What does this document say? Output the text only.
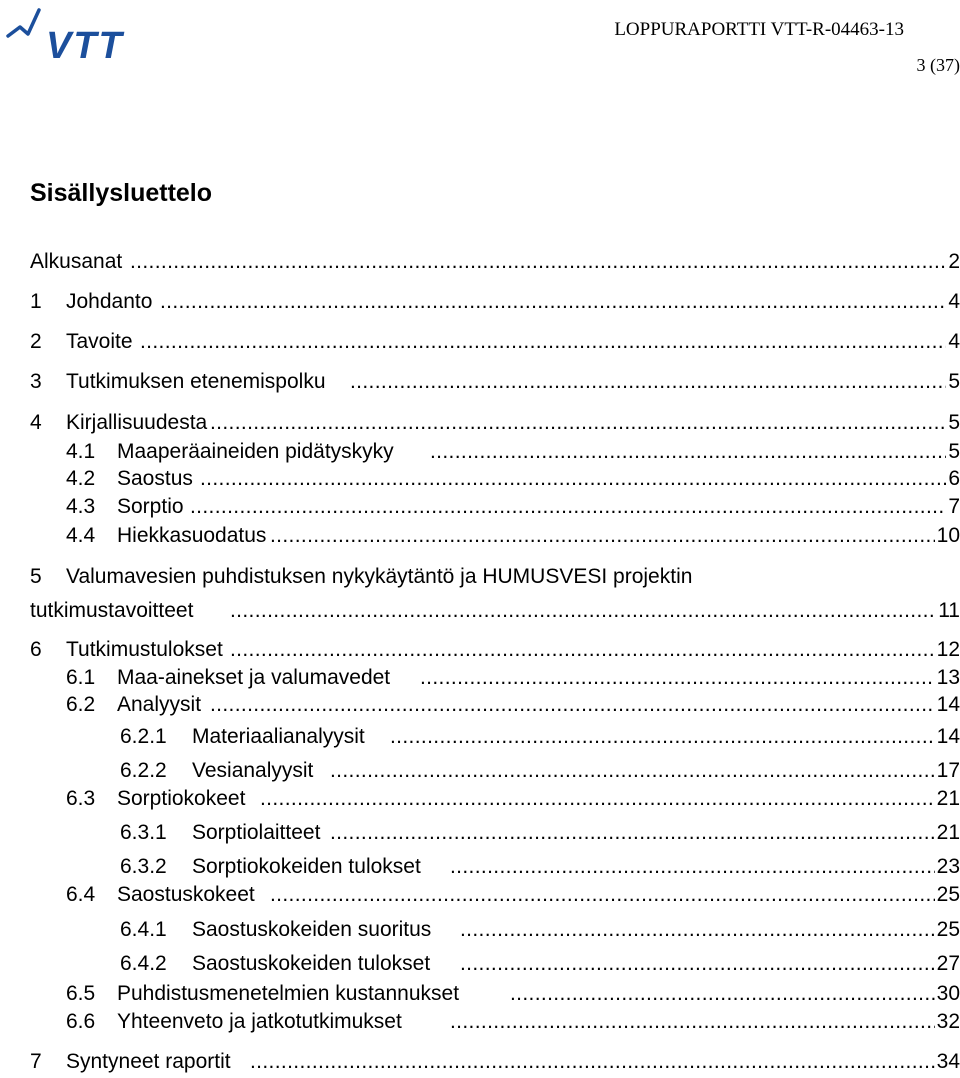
VTT	LOPPURAPORTTI VTT-R-04463-13
3 (37)
Sisällysluettelo
Alkusanat .....	2
1 Johdanto .....	4
2 Tavoite .....	4
3 Tutkimuksen etenemispolku .....	5
4 Kirjallisuudesta .....	5
4.1 Maaperäaineiden pidätyskyky .....	5
4.2 Saostus .....	6
4.3 Sorptio .....	7
4.4 Hiekkasuodatus .....	10
5 Valumavesien puhdistuksen nykykäytäntö ja HUMUSVESI projektin
tutkimustavoitteet .....	11
6 Tutkimustulokset .....	12
6.1 Maa-ainekset ja valumavedet .....	13
6.2 Analyysit .....	14
6.2.1 Materiaalianalyysit .....	14
6.2.2 Vesianalyysit .....	17
6.3 Sorptiokokeet .....	21
6.3.1 Sorptiolaitteet .....	21
6.3.2 Sorptiokokeiden tulokset .....	23
6.4 Saostuskokeet .....	25
6.4.1 Saostuskokeiden suoritus .....	25
6.4.2 Saostuskokeiden tulokset .....	27
6.5 Puhdistusmenetelmien kustannukset .....	30
6.6 Yhteenveto ja jatkotutkimukset .....	32
7 Syntyneet raportit .....	34
